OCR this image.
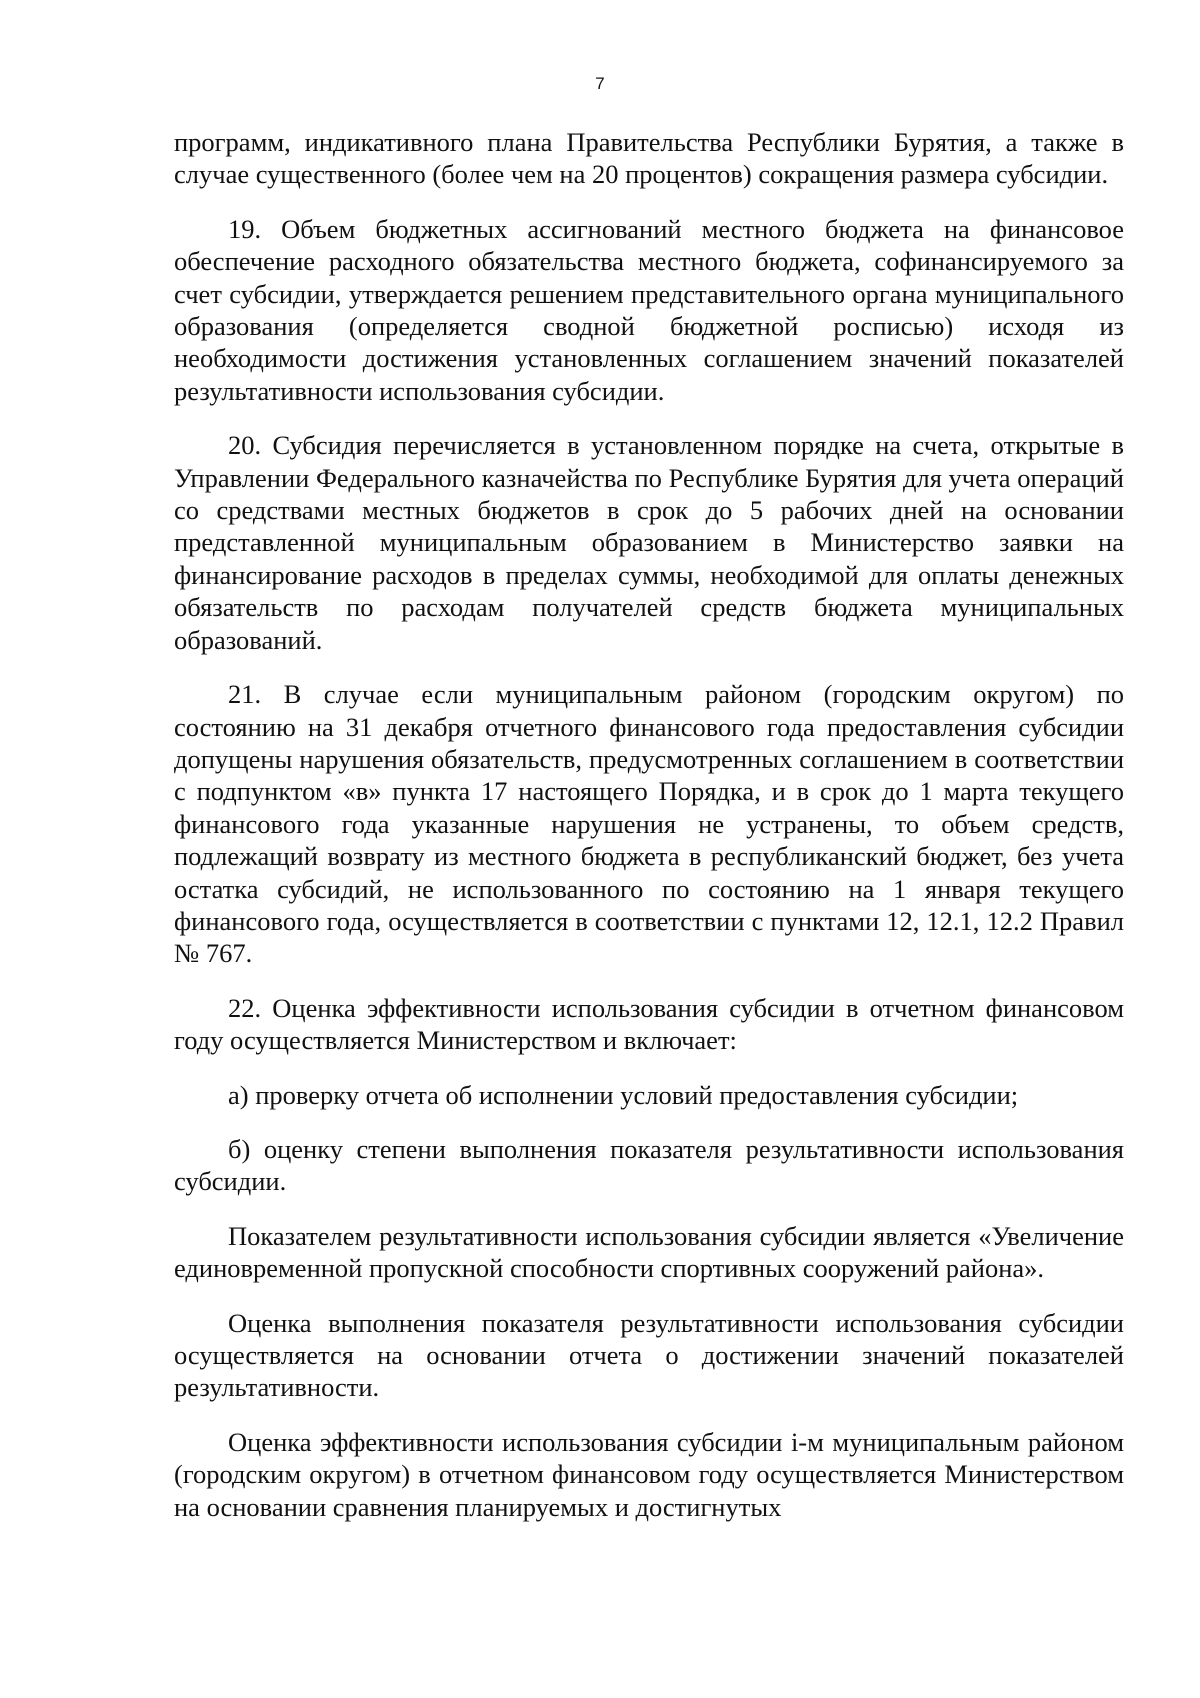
7

программ, индикативного плана Правительства Республики Бурятия, а также в случае существенного (более чем на 20 процентов) сокращения размера субсидии.

19. Объем бюджетных ассигнований местного бюджета на финансовое обеспечение расходного обязательства местного бюджета, софинансируемого за счет субсидии, утверждается решением представительного органа муниципального образования (определяется сводной бюджетной росписью) исходя из необходимости достижения установленных соглашением значений показателей результативности использования субсидии.

20. Субсидия перечисляется в установленном порядке на счета, открытые в Управлении Федерального казначейства по Республике Бурятия для учета операций со средствами местных бюджетов в срок до 5 рабочих дней на основании представленной муниципальным образованием в Министерство заявки на финансирование расходов в пределах суммы, необходимой для оплаты денежных обязательств по расходам получателей средств бюджета муниципальных образований.

21. В случае если муниципальным районом (городским округом) по состоянию на 31 декабря отчетного финансового года предоставления субсидии допущены нарушения обязательств, предусмотренных соглашением в соответствии с подпунктом «в» пункта 17 настоящего Порядка, и в срок до 1 марта текущего финансового года указанные нарушения не устранены, то объем средств, подлежащий возврату из местного бюджета в республиканский бюджет, без учета остатка субсидий, не использованного по состоянию на 1 января текущего финансового года, осуществляется в соответствии с пунктами 12, 12.1, 12.2 Правил № 767.

22. Оценка эффективности использования субсидии в отчетном финансовом году осуществляется Министерством и включает:

а) проверку отчета об исполнении условий предоставления субсидии;

б) оценку степени выполнения показателя результативности использования субсидии.

Показателем результативности использования субсидии является «Увеличение единовременной пропускной способности спортивных сооружений района».

Оценка выполнения показателя результативности использования субсидии осуществляется на основании отчета о достижении значений показателей результативности.

Оценка эффективности использования субсидии i-м муниципальным районом (городским округом) в отчетном финансовом году осуществляется Министерством на основании сравнения планируемых и достигнутых
